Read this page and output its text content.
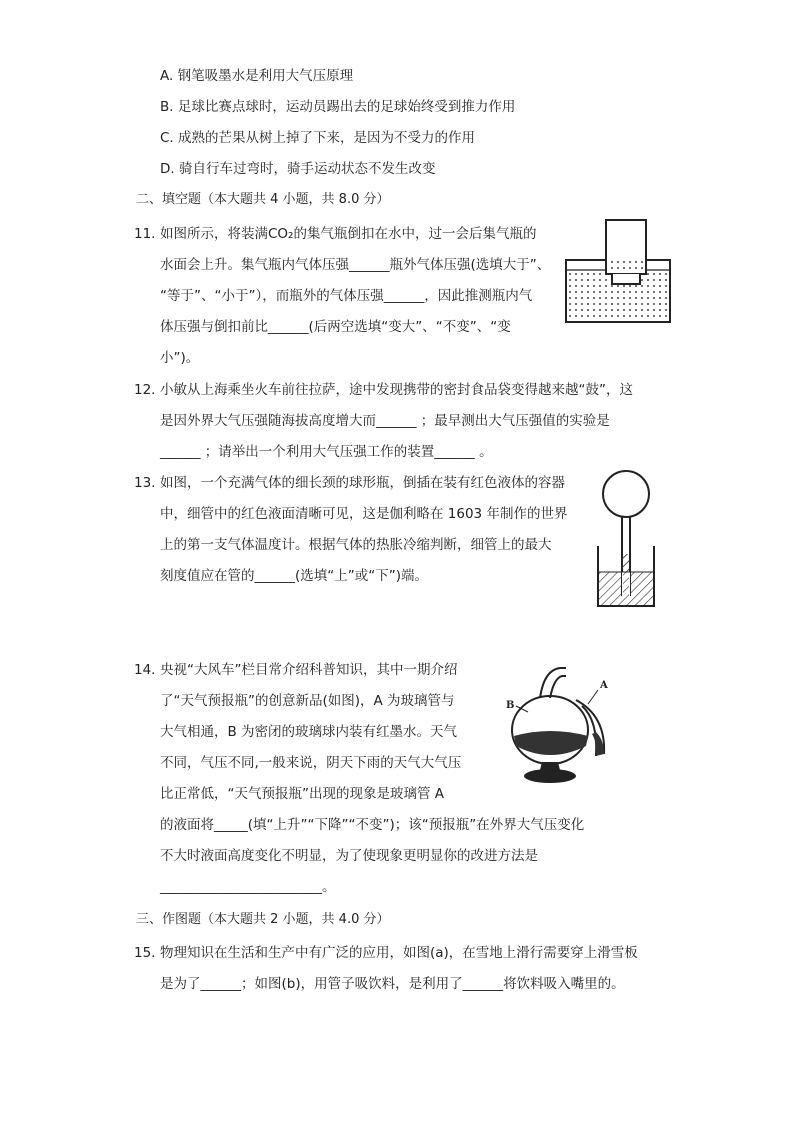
A. 钢笔吸墨水是利用大气压原理
B. 足球比赛点球时，运动员踢出去的足球始终受到推力作用
C. 成熟的芒果从树上掉了下来，是因为不受力的作用
D. 骑自行车过弯时，骑手运动状态不发生改变
二、填空题（本大题共 4 小题，共 8.0 分）
11. 如图所示，将装满CO₂的集气瓶倒扣在水中，过一会后集气瓶的
水面会上升。集气瓶内气体压强______瓶外气体压强(选填大于”、
“等于”、“小于”），而瓶外的气体压强______，因此推测瓶内气
体压强与倒扣前比______(后两空选填“变大”、“不变”、“变
小”)。
12. 小敏从上海乘坐火车前往拉萨，途中发现携带的密封食品袋变得越来越“鼓”，这
是因外界大气压强随海拔高度增大而______ ；最早测出大气压强值的实验是
______ ；请举出一个利用大气压强工作的装置______ 。
13. 如图，一个充满气体的细长颈的球形瓶，倒插在装有红色液体的容器
中，细管中的红色液面清晰可见，这是伽利略在 1603 年制作的世界
上的第一支气体温度计。根据气体的热胀冷缩判断，细管上的最大
刻度值应在管的______(选填“上”或“下”)端。
14. 央视“大风车”栏目常介绍科普知识，其中一期介绍
了“天气预报瓶”的创意新品(如图)，A 为玻璃管与
大气相通，B 为密闭的玻璃球内装有红墨水。天气
不同，气压不同,一般来说，阴天下雨的天气大气压
比正常低，“天气预报瓶”出现的现象是玻璃管 A
的液面将_____(填“上升”“下降”“不变”)；该“预报瓶”在外界大气压变化
不大时液面高度变化不明显，为了使现象更明显你的改进方法是
________________________。
A
B
三、作图题（本大题共 2 小题，共 4.0 分）
15. 物理知识在生活和生产中有广泛的应用，如图(a)，在雪地上滑行需要穿上滑雪板
是为了______；如图(b)，用管子吸饮料，是利用了______将饮料吸入嘴里的。
